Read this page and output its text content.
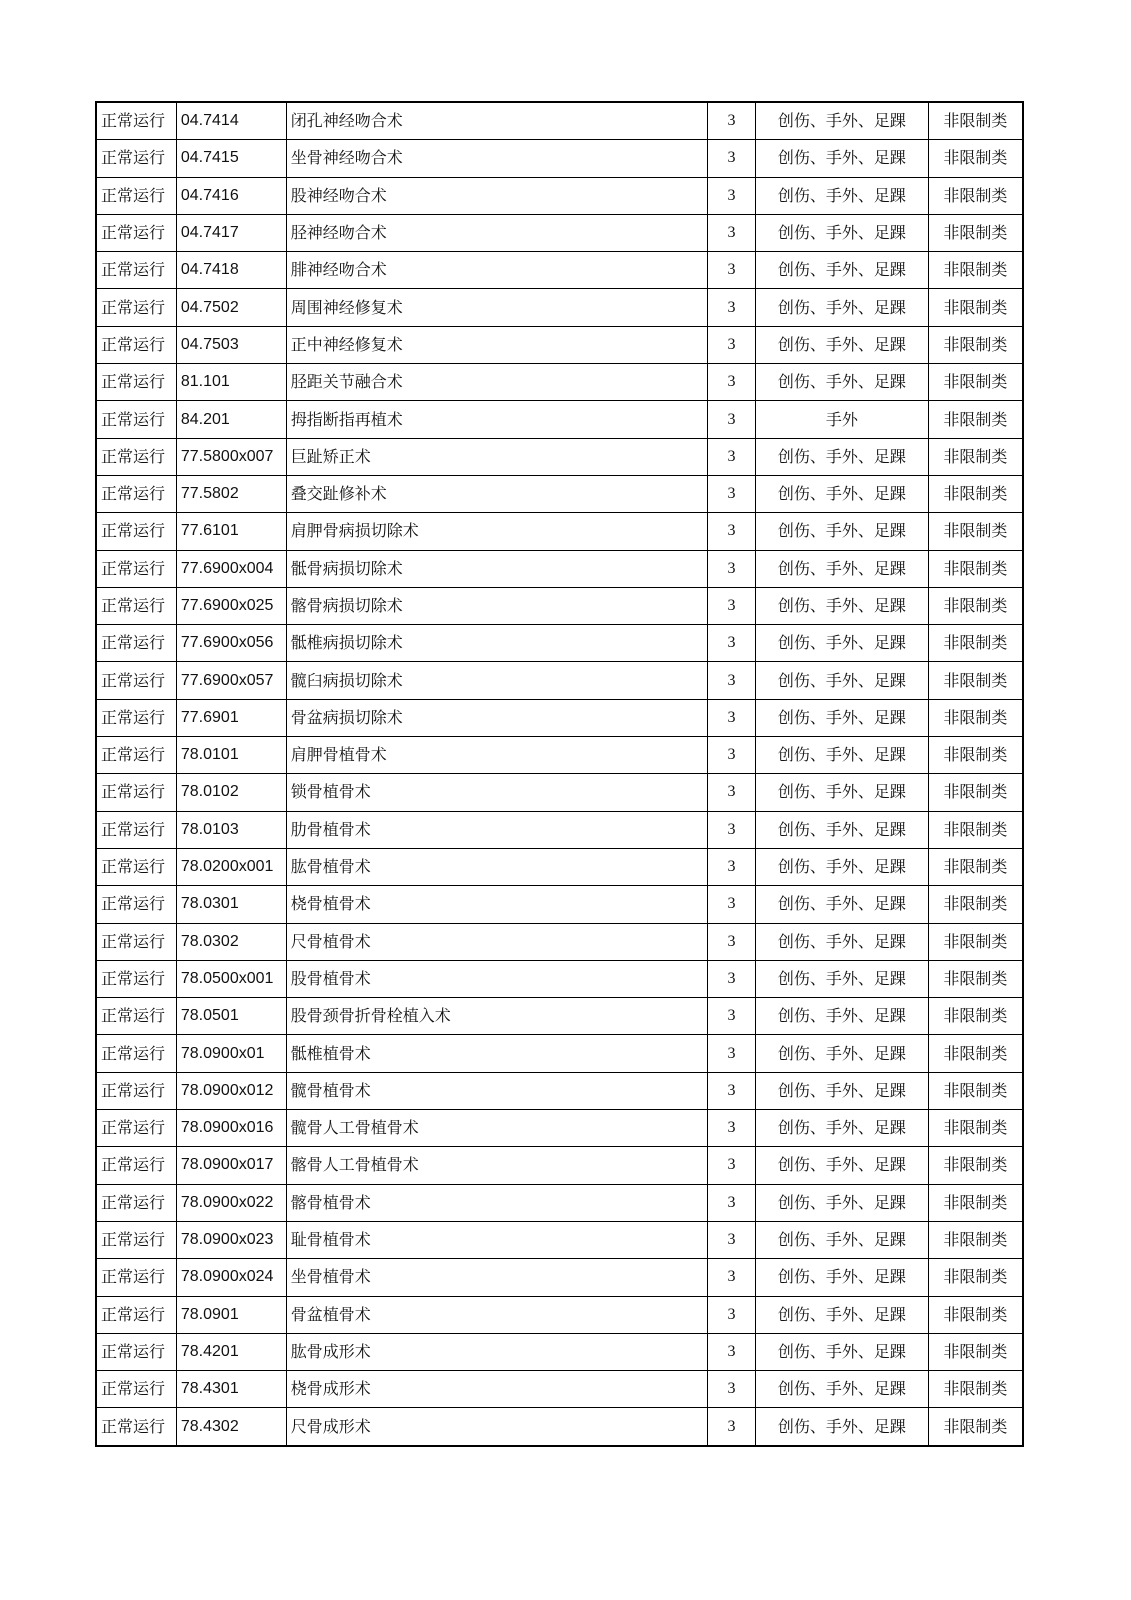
正常运行	04.7414	闭孔神经吻合术	3	创伤、手外、足踝	非限制类
正常运行	04.7415	坐骨神经吻合术	3	创伤、手外、足踝	非限制类
正常运行	04.7416	股神经吻合术	3	创伤、手外、足踝	非限制类
正常运行	04.7417	胫神经吻合术	3	创伤、手外、足踝	非限制类
正常运行	04.7418	腓神经吻合术	3	创伤、手外、足踝	非限制类
正常运行	04.7502	周围神经修复术	3	创伤、手外、足踝	非限制类
正常运行	04.7503	正中神经修复术	3	创伤、手外、足踝	非限制类
正常运行	81.101	胫距关节融合术	3	创伤、手外、足踝	非限制类
正常运行	84.201	拇指断指再植术	3	手外	非限制类
正常运行	77.5800x007	巨趾矫正术	3	创伤、手外、足踝	非限制类
正常运行	77.5802	叠交趾修补术	3	创伤、手外、足踝	非限制类
正常运行	77.6101	肩胛骨病损切除术	3	创伤、手外、足踝	非限制类
正常运行	77.6900x004	骶骨病损切除术	3	创伤、手外、足踝	非限制类
正常运行	77.6900x025	髂骨病损切除术	3	创伤、手外、足踝	非限制类
正常运行	77.6900x056	骶椎病损切除术	3	创伤、手外、足踝	非限制类
正常运行	77.6900x057	髋臼病损切除术	3	创伤、手外、足踝	非限制类
正常运行	77.6901	骨盆病损切除术	3	创伤、手外、足踝	非限制类
正常运行	78.0101	肩胛骨植骨术	3	创伤、手外、足踝	非限制类
正常运行	78.0102	锁骨植骨术	3	创伤、手外、足踝	非限制类
正常运行	78.0103	肋骨植骨术	3	创伤、手外、足踝	非限制类
正常运行	78.0200x001	肱骨植骨术	3	创伤、手外、足踝	非限制类
正常运行	78.0301	桡骨植骨术	3	创伤、手外、足踝	非限制类
正常运行	78.0302	尺骨植骨术	3	创伤、手外、足踝	非限制类
正常运行	78.0500x001	股骨植骨术	3	创伤、手外、足踝	非限制类
正常运行	78.0501	股骨颈骨折骨栓植入术	3	创伤、手外、足踝	非限制类
正常运行	78.0900x01	骶椎植骨术	3	创伤、手外、足踝	非限制类
正常运行	78.0900x012	髋骨植骨术	3	创伤、手外、足踝	非限制类
正常运行	78.0900x016	髋骨人工骨植骨术	3	创伤、手外、足踝	非限制类
正常运行	78.0900x017	髂骨人工骨植骨术	3	创伤、手外、足踝	非限制类
正常运行	78.0900x022	髂骨植骨术	3	创伤、手外、足踝	非限制类
正常运行	78.0900x023	耻骨植骨术	3	创伤、手外、足踝	非限制类
正常运行	78.0900x024	坐骨植骨术	3	创伤、手外、足踝	非限制类
正常运行	78.0901	骨盆植骨术	3	创伤、手外、足踝	非限制类
正常运行	78.4201	肱骨成形术	3	创伤、手外、足踝	非限制类
正常运行	78.4301	桡骨成形术	3	创伤、手外、足踝	非限制类
正常运行	78.4302	尺骨成形术	3	创伤、手外、足踝	非限制类
